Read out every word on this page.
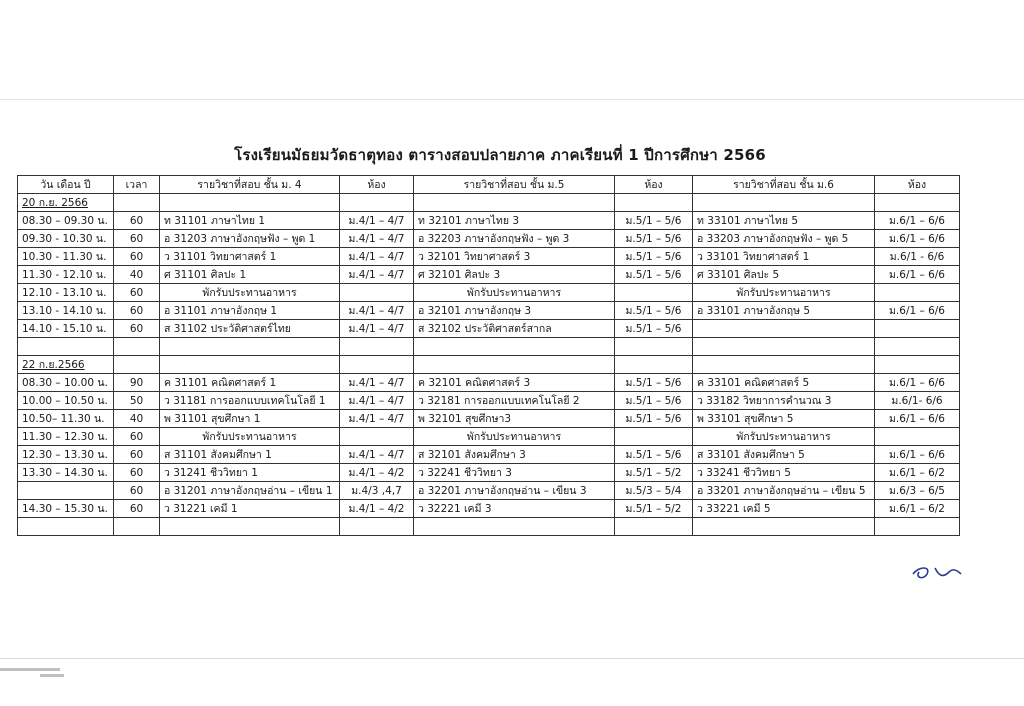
โรงเรียนมัธยมวัดธาตุทอง ตารางสอบปลายภาค ภาคเรียนที่ 1 ปีการศึกษา 2566
วัน เดือน ปี	เวลา	รายวิชาที่สอบ ชั้น ม. 4	ห้อง	รายวิชาที่สอบ ชั้น ม.5	ห้อง	รายวิชาที่สอบ ชั้น ม.6	ห้อง
20 ก.ย. 2566							
08.30 – 09.30 น.	60	ท 31101 ภาษาไทย 1	ม.4/1 – 4/7	ท 32101 ภาษาไทย 3	ม.5/1 – 5/6	ท 33101 ภาษาไทย 5	ม.6/1 – 6/6
09.30 - 10.30 น.	60	อ 31203 ภาษาอังกฤษฟัง – พูด 1	ม.4/1 – 4/7	อ 32203 ภาษาอังกฤษฟัง – พูด 3	ม.5/1 – 5/6	อ 33203 ภาษาอังกฤษฟัง – พูด 5	ม.6/1 – 6/6
10.30 - 11.30 น.	60	ว 31101 วิทยาศาสตร์ 1	ม.4/1 – 4/7	ว 32101 วิทยาศาสตร์ 3	ม.5/1 – 5/6	ว 33101 วิทยาศาสตร์ 1	ม.6/1 - 6/6
11.30 - 12.10 น.	40	ศ 31101 ศิลปะ 1	ม.4/1 – 4/7	ศ 32101 ศิลปะ 3	ม.5/1 – 5/6	ศ 33101 ศิลปะ 5	ม.6/1 – 6/6
12.10 - 13.10 น.	60	พักรับประทานอาหาร		พักรับประทานอาหาร		พักรับประทานอาหาร	
13.10 - 14.10 น.	60	อ 31101 ภาษาอังกฤษ 1	ม.4/1 – 4/7	อ 32101 ภาษาอังกฤษ 3	ม.5/1 – 5/6	อ 33101 ภาษาอังกฤษ 5	ม.6/1 – 6/6
14.10 - 15.10 น.	60	ส 31102 ประวัติศาสตร์ไทย	ม.4/1 – 4/7	ส 32102 ประวัติศาสตร์สากล	ม.5/1 – 5/6		

22 ก.ย.2566							
08.30 – 10.00 น.	90	ค 31101 คณิตศาสตร์ 1	ม.4/1 – 4/7	ค 32101 คณิตศาสตร์ 3	ม.5/1 – 5/6	ค 33101 คณิตศาสตร์ 5	ม.6/1 – 6/6
10.00 – 10.50 น.	50	ว 31181 การออกแบบเทคโนโลยี 1	ม.4/1 – 4/7	ว 32181 การออกแบบเทคโนโลยี 2	ม.5/1 – 5/6	ว 33182 วิทยาการคำนวณ 3	ม.6/1- 6/6
10.50– 11.30 น.	40	พ 31101 สุขศึกษา 1	ม.4/1 – 4/7	พ 32101 สุขศึกษา3	ม.5/1 – 5/6	พ 33101 สุขศึกษา 5	ม.6/1 – 6/6
11.30 – 12.30 น.	60	พักรับประทานอาหาร		พักรับประทานอาหาร		พักรับประทานอาหาร	
12.30 – 13.30 น.	60	ส 31101 สังคมศึกษา 1	ม.4/1 – 4/7	ส 32101 สังคมศึกษา 3	ม.5/1 – 5/6	ส 33101 สังคมศึกษา 5	ม.6/1 – 6/6
13.30 – 14.30 น.	60	ว 31241 ชีววิทยา 1	ม.4/1 – 4/2	ว 32241 ชีววิทยา 3	ม.5/1 – 5/2	ว 33241 ชีววิทยา 5	ม.6/1 – 6/2
	60	อ 31201 ภาษาอังกฤษอ่าน – เขียน 1	ม.4/3 ,4,7	อ 32201 ภาษาอังกฤษอ่าน – เขียน 3	ม.5/3 – 5/4	อ 33201 ภาษาอังกฤษอ่าน – เขียน 5	ม.6/3 – 6/5
14.30 – 15.30 น.	60	ว 31221 เคมี 1	ม.4/1 – 4/2	ว 32221 เคมี 3	ม.5/1 – 5/2	ว 33221 เคมี 5	ม.6/1 – 6/2
